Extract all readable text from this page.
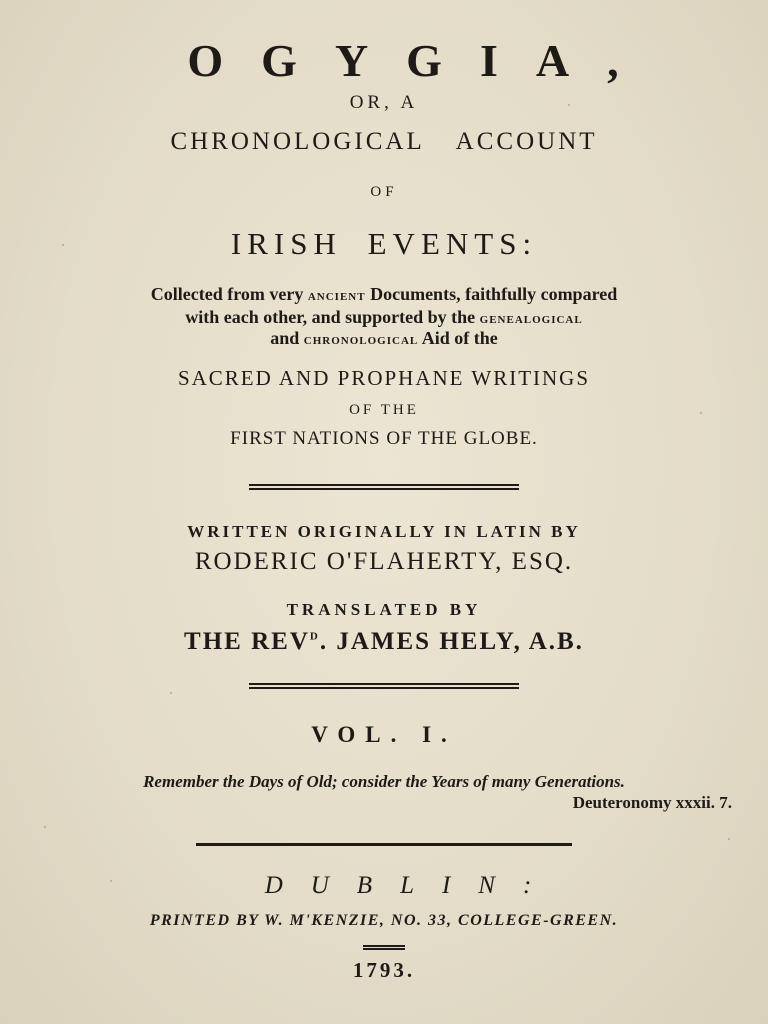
OGYGIA,
OR, A
CHRONOLOGICAL ACCOUNT
OF
IRISH EVENTS:
Collected from very ancient Documents, faithfully compared
with each other, and supported by the genealogical
and chronological Aid of the
SACRED AND PROPHANE WRITINGS
OF THE
FIRST NATIONS OF THE GLOBE.
WRITTEN ORIGINALLY IN LATIN BY
RODERIC O'FLAHERTY, ESQ.
TRANSLATED BY
THE $REV^D$. JAMES HELY, A.B.
VOL. I.
Remember the Days of Old; consider the Years of many Generations.
Deuteronomy xxxii. 7.
DUBLIN:
PRINTED BY W. M'KENZIE, NO. 33, COLLEGE-GREEN.
1793.
